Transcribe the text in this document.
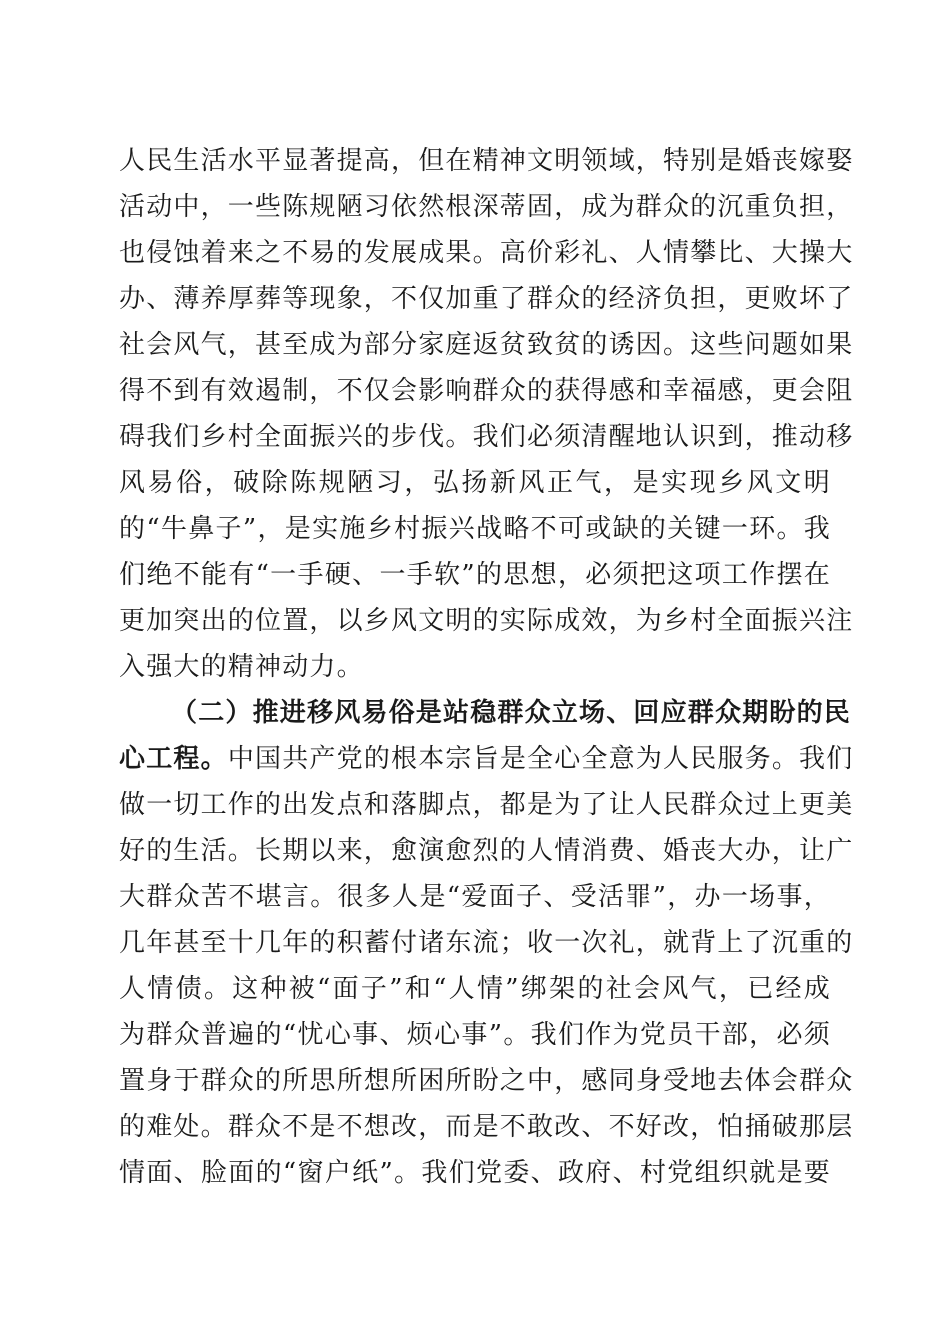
人民生活水平显著提高，但在精神文明领域，特别是婚丧嫁娶
活动中，一些陈规陋习依然根深蒂固，成为群众的沉重负担，
也侵蚀着来之不易的发展成果。高价彩礼、人情攀比、大操大
办、薄养厚葬等现象，不仅加重了群众的经济负担，更败坏了
社会风气，甚至成为部分家庭返贫致贫的诱因。这些问题如果
得不到有效遏制，不仅会影响群众的获得感和幸福感，更会阻
碍我们乡村全面振兴的步伐。我们必须清醒地认识到，推动移
风易俗，破除陈规陋习，弘扬新风正气，是实现乡风文明
的“牛鼻子”，是实施乡村振兴战略不可或缺的关键一环。我
们绝不能有“一手硬、一手软”的思想，必须把这项工作摆在
更加突出的位置，以乡风文明的实际成效，为乡村全面振兴注
入强大的精神动力。
（二）推进移风易俗是站稳群众立场、回应群众期盼的民
心工程。中国共产党的根本宗旨是全心全意为人民服务。我们
做一切工作的出发点和落脚点，都是为了让人民群众过上更美
好的生活。长期以来，愈演愈烈的人情消费、婚丧大办，让广
大群众苦不堪言。很多人是“爱面子、受活罪”，办一场事，
几年甚至十几年的积蓄付诸东流；收一次礼，就背上了沉重的
人情债。这种被“面子”和“人情”绑架的社会风气，已经成
为群众普遍的“忧心事、烦心事”。我们作为党员干部，必须
置身于群众的所思所想所困所盼之中，感同身受地去体会群众
的难处。群众不是不想改，而是不敢改、不好改，怕捅破那层
情面、脸面的“窗户纸”。我们党委、政府、村党组织就是要
